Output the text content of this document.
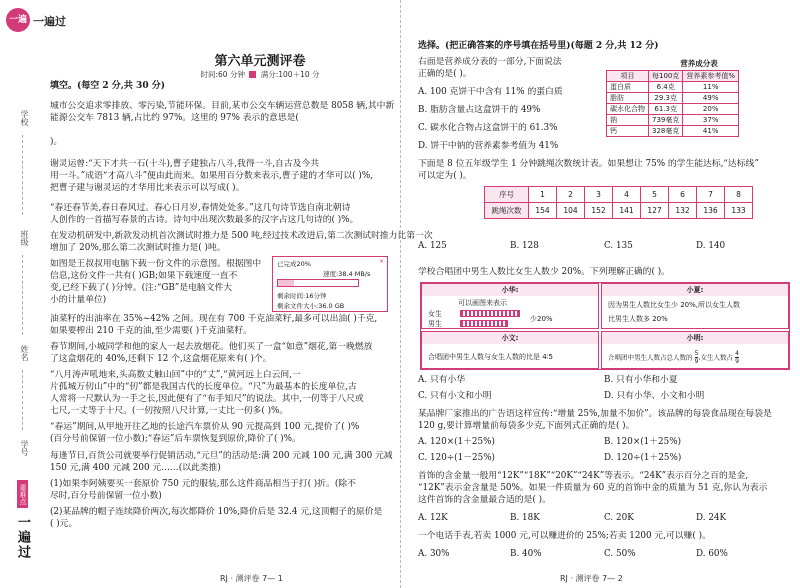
一遍过
一遍过
学校
班级
姓名
学号
重难点
一遍过
第六单元测评卷
时间:60 分钟 满分:100＋10 分
填空。(每空 2 分,共 30 分)
城市公交追求零排放、零污染,节能环保。目前,某市公交车辆运营总数是 8058 辆,其中新
能源公交车 7813 辆,占比约 97%。这里的 97% 表示的意思是(
)。
谢灵运曾:“天下才共一石(十斗),曹子建独占八斗,我得一斗,自古及今共
用一斗。”成语“才高八斗”便由此而来。如果用百分数来表示,曹子建的才华可以( )%,
把曹子建与谢灵运的才华用比来表示可以写成( )。
“春还春节美,春日春风过。春心日月岁,春情处处多。”这几句诗节选自南北朝诗
人创作的一首描写春景的古诗。诗句中出现次数最多的汉字占这几句诗的( )%。
在发动机研发中,新款发动机首次测试时推力是 500 吨,经过技术改进后,第二次测试时推力比第一次
增加了 20%,那么第二次测试时推力是( )吨。
如图是王叔叔用电脑下载一份文件的示意图。根据图中
信息,这份文件一共有( )GB;如果下载速度一直不
变,已经下载了( )分钟。(注:“GB”是电脑文件大
小的计量单位)
油菜籽的出油率在 35%~42% 之间。现在有 700 千克油菜籽,最多可以出油( )千克,
如果要榨出 210 千克的油,至少需要( )千克油菜籽。
春节期间,小城同学和他的家人一起去放烟花。他们买了一盒“如意”烟花,第一晚燃放
了这盒烟花的 40%,还剩下 12 个,这盒烟花原来有( )个。
“八月涛声吼地来,头高数丈触山回”中的“丈”,“黄河远上白云间,一
片孤城万仞山”中的“仞”都是我国古代的长度单位。“尺”为最基本的长度单位,古
人常将一尺默认为一手之长,因此便有了“布手知尺”的说法。其中,一仞等于八尺或
七尺,一丈等于十尺。(一仞按照八尺计算,一丈比一仞多( )%。
“春运”期间,从甲地开往乙地的长途汽车票价从 90 元提高到 100 元,提价了( )%
(百分号前保留一位小数);“春运”后车票恢复到原价,降价了( )%。
每逢节日,百货公司就要举行促销活动,“元旦”的活动是:满 200 元减 100 元,满 300 元减
150 元,满 400 元减 200 元……(以此类推)
(1)如果李阿姨要买一套原价 750 元的服装,那么这件商品相当于打( )折。(除不
尽时,百分号前保留一位小数)
(2)某品牌的帽子连续降价两次,每次都降价 10%,降价后是 32.4 元,这顶帽子的原价是
( )元。
已完成20%	×
速度:38.4 MB/s
剩余时间:16分钟
剩余文件大小:36.0 GB
RJ · 测评卷 7— 1
选择。(把正确答案的序号填在括号里)(每题 2 分,共 12 分)
右面是营养成分表的一部分,下面说法
正确的是( )。
A. 100 克饼干中含有 11% 的蛋白质
B. 脂肪含量占这盒饼干的 49%
C. 碳水化合物占这盒饼干的 61.3%
D. 饼干中钠的营养素参考值为 41%
下面是 8 位五年级学生 1 分钟跳绳次数统计表。如果想让 75% 的学生能达标,“达标线”
可以定为( )。
营养成分表
项目	每100克	营养素参考值%
蛋白质	6.4克	11%
脂肪	29.3克	49%
碳水化合物	61.3克	20%
钠	739毫克	37%
钙	328毫克	41%
序号	1	2	3	4	5	6	7	8
跳绳次数	154	104	152	141	127	132	136	133
A. 125	B. 128	C. 135	D. 140
学校合唱团中男生人数比女生人数少 20%。下列理解正确的( )。
小华:
可以画图来表示
女生
男生
少20%
小夏:
因为男生人数比女生少 20%,所以女生人数
比男生人数多 20%
小文:
合唱团中男生人数与女生人数的比是 4∶5
小明:
合唱团中男生人数占总人数的 $\frac{5}{9}$ ,女生人数占 $\frac{4}{9}$
A. 只有小华	B. 只有小华和小夏
C. 只有小文和小明	D. 只有小华、小文和小明
某品牌厂家推出的广告语这样宣传:“增量 25%,加量不加价”。该品牌的每袋食品现在每袋是
120 g,要计算增量前每袋多少克,下面列式正确的是( )。
A. 120×(1＋25%)	B. 120×(1＋25%)
C. 120÷(1－25%)	D. 120÷(1＋25%)
首饰的含金量一般用“12K”“18K”“20K”“24K”等表示。“24K”表示百分之百的是金,
“12K”表示金含量是 50%。如果一件质量为 60 克的首饰中金的质量为 51 克,你认为表示
这件首饰的含金量最合适的是( )。
A. 12K	B. 18K	C. 20K	D. 24K
一个电话手表,若卖 1000 元,可以赚进价的 25%;若卖 1200 元,可以赚( )。
A. 30%	B. 40%	C. 50%	D. 60%
RJ · 测评卷 7— 2
